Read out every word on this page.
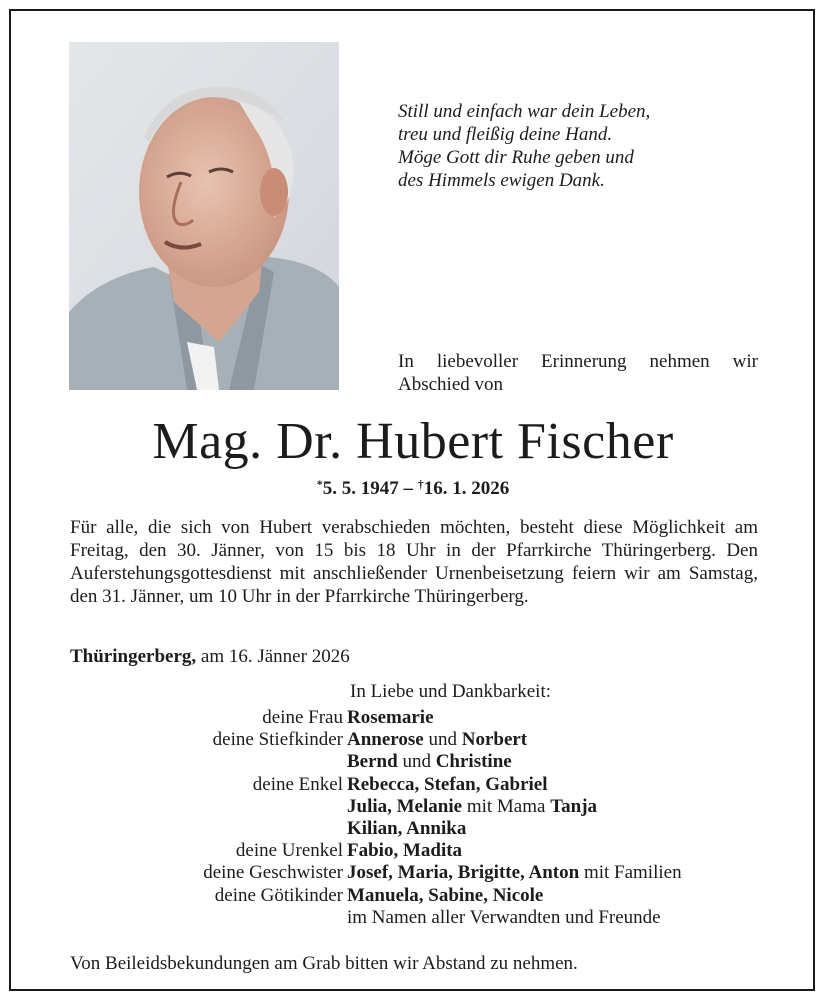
Still und einfach war dein Leben,
treu und fleißig deine Hand.
Möge Gott dir Ruhe geben und
des Himmels ewigen Dank.
In liebevoller Erinnerung nehmen wir Abschied von
Mag. Dr. Hubert Fischer
*5. 5. 1947 – †16. 1. 2026
Für alle, die sich von Hubert verabschieden möchten, besteht diese Möglichkeit am Freitag, den 30. Jänner, von 15 bis 18 Uhr in der Pfarrkirche Thüringerberg. Den Auferstehungsgottesdienst mit anschließender Urnenbeisetzung feiern wir am Samstag, den 31. Jänner, um 10 Uhr in der Pfarrkirche Thüringerberg.
Thüringerberg, am 16. Jänner 2026
In Liebe und Dankbarkeit:
deine Frau Rosemarie
deine Stiefkinder Annerose und Norbert
Bernd und Christine
deine Enkel Rebecca, Stefan, Gabriel
Julia, Melanie mit Mama Tanja
Kilian, Annika
deine Urenkel Fabio, Madita
deine Geschwister Josef, Maria, Brigitte, Anton mit Familien
deine Götikinder Manuela, Sabine, Nicole
im Namen aller Verwandten und Freunde
Von Beileidsbekundungen am Grab bitten wir Abstand zu nehmen.
